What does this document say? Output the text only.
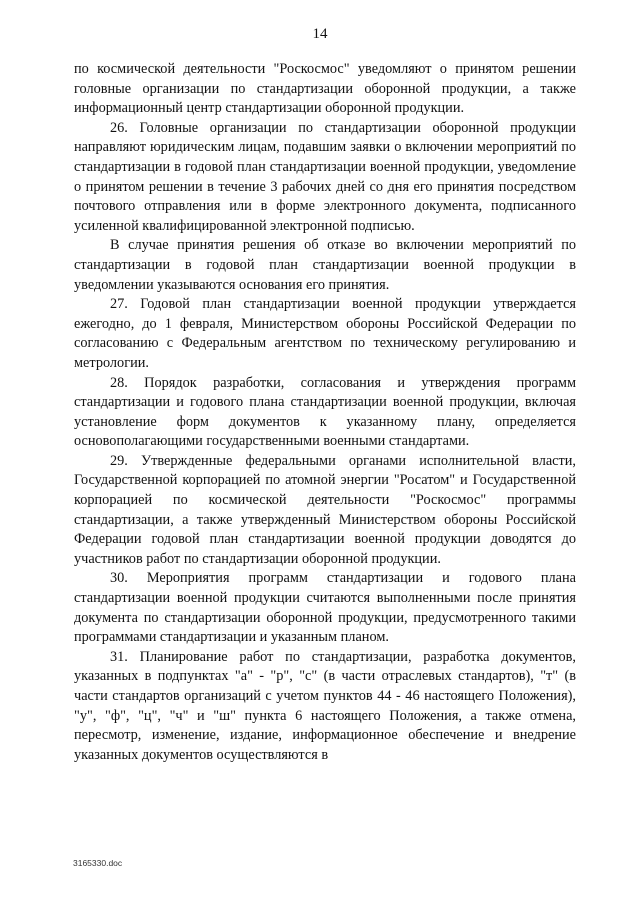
14

по космической деятельности "Роскосмос" уведомляют о принятом решении головные организации по стандартизации оборонной продукции, а также информационный центр стандартизации оборонной продукции.

26. Головные организации по стандартизации оборонной продукции направляют юридическим лицам, подавшим заявки о включении мероприятий по стандартизации в годовой план стандартизации военной продукции, уведомление о принятом решении в течение 3 рабочих дней со дня его принятия посредством почтового отправления или в форме электронного документа, подписанного усиленной квалифицированной электронной подписью.

В случае принятия решения об отказе во включении мероприятий по стандартизации в годовой план стандартизации военной продукции в уведомлении указываются основания его принятия.

27. Годовой план стандартизации военной продукции утверждается ежегодно, до 1 февраля, Министерством обороны Российской Федерации по согласованию с Федеральным агентством по техническому регулированию и метрологии.

28. Порядок разработки, согласования и утверждения программ стандартизации и годового плана стандартизации военной продукции, включая установление форм документов к указанному плану, определяется основополагающими государственными военными стандартами.

29. Утвержденные федеральными органами исполнительной власти, Государственной корпорацией по атомной энергии "Росатом" и Государственной корпорацией по космической деятельности "Роскосмос" программы стандартизации, а также утвержденный Министерством обороны Российской Федерации годовой план стандартизации военной продукции доводятся до участников работ по стандартизации оборонной продукции.

30. Мероприятия программ стандартизации и годового плана стандартизации военной продукции считаются выполненными после принятия документа по стандартизации оборонной продукции, предусмотренного такими программами стандартизации и указанным планом.

31. Планирование работ по стандартизации, разработка документов, указанных в подпунктах "а" - "р", "с" (в части отраслевых стандартов), "т" (в части стандартов организаций с учетом пунктов 44 - 46 настоящего Положения), "у", "ф", "ц", "ч" и "ш" пункта 6 настоящего Положения, а также отмена, пересмотр, изменение, издание, информационное обеспечение и внедрение указанных документов осуществляются в

3165330.doc
